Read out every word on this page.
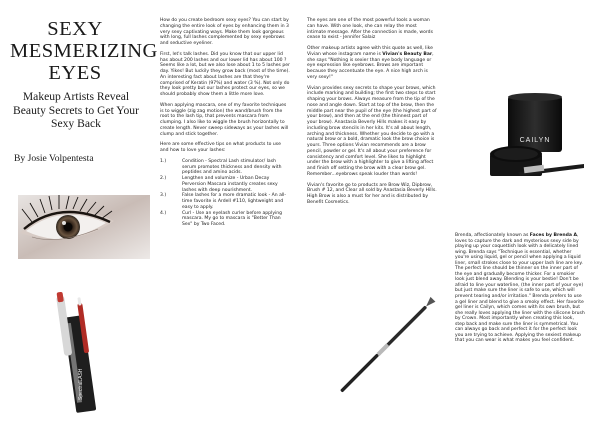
SEXY MESMERIZING EYES
Makeup Artists Reveal Beauty Secrets to Get Your Sexy Back

By Josie Volpentesta

SpectralLASH

How do you create bedroom sexy eyes? You can start by changing the entire look of eyes by enhancing them in 3 very sexy captivating ways. Make them look gorgeous with long, full lashes complemented by sexy eyebrows and seductive eyeliner.

First, let's talk lashes. Did you know that our upper lid has about 200 lashes and our lower lid has about 100 ? Seems like a lot, but we also lose about 1 to 5 lashes per day. Yikes! But luckily they grow back (most of the time). An interesting fact about lashes are that they're comprised of Keratin (97%) and water (3 %). Not only do they look pretty but our lashes protect our eyes, so we should probably show them a little more love.

When applying mascara, one of my favorite techniques is to wiggle (zig zag motion) the wand/brush from the root to the lash tip, that prevents mascara from clumping. I also like to wiggle the brush horizontally to create length. Never sweep sideways as your lashes will clump and stick together.

Here are some effective tips on what products to use and how to love your lashes:

1.)	Condition - Spectral Lash stimulator/ lash serum promotes thickness and density with peptides and amino acids.
2.)	Lengthen and volumize - Urban Decay Perversion Mascara instantly creates sexy lashes with deep nourishment.
3.)	False lashes for a more dramatic look - An all-time favorite is Ardell #110, lightweight and easy to apply.
4.)	Curl - Use an eyelash curler before applying mascara. My go to mascara is "Better Than Sex" by Two Faced.

The eyes are one of the most powerful tools a woman can have. With one look, she can relay the most intimate message. After the connection is made, words cease to exist - Jennifer Salaiz

Other makeup artists agree with this quote as well, like Vivian whose instagram name is Vivian's Beauty Bar, she says "Nothing is sexier than eye body language or eye expression like eyebrows. Brows are important because they accentuate the eye. A nice high arch is very sexy!"

Vivian provides sexy secrets to shape your brows, which include marking and building; the first two steps to start shaping your brows. Always measure from the tip of the nose and angle down. Start at top of the brow, then the middle part near the pupil of the eye (the highest part of your brow), and then at the end (the thinnest part of your brow). Anastasia Beverly Hills makes it easy by including brow stencils in her kits. It's all about length, arching and thickness. Whether you decide to go with a natural brow or a bold, dramatic look the brow choice is yours. Three options Vivian recommends are a brow pencil, powder or gel. It's all about your preference for consistency and comfort level. She likes to highlight under the brow with a highlighter to give a lifting affect and finish off setting the brow with a clear brow gel. Remember...eyebrows speak louder than words!

Vivian's favorite go to products are Brow Wiz, Dipbrow, Brush # 12, and Clear all sold by Anastasia Beverly Hills. High Brow is also a must for her and is distributed by Benefit Cosmetics.

CAILYN

Brenda, affectionately known as Faces by Brenda A, loves to capture the dark and mysterious sexy side by playing up your coquettish look with a delicately lined wing. Brenda says "Technique is essential, whether you're using liquid, gel or pencil when applying a liquid liner, small strokes close to your upper lash line are key. The perfect line should be thinner on the inner part of the eye and gradually become thicker. For a smokier look just blend away. Blending is your bestie! Don't be afraid to line your waterline, (the inner part of your eye) but just make sure the liner is safe to use, which will prevent tearing and/or irritation." Brenda prefers to use a gel liner and blend to give a smoky effect. Her favorite gel liner is Cailyn, which comes with its own brush, but she really loves applying the liner with the silicone brush by Crown. Most importantly when creating this look, step back and make sure the liner is symmetrical. You can always go back and perfect it for the perfect look you are trying to achieve. Applying the sexiest makeup that you can wear is what makes you feel confident.
